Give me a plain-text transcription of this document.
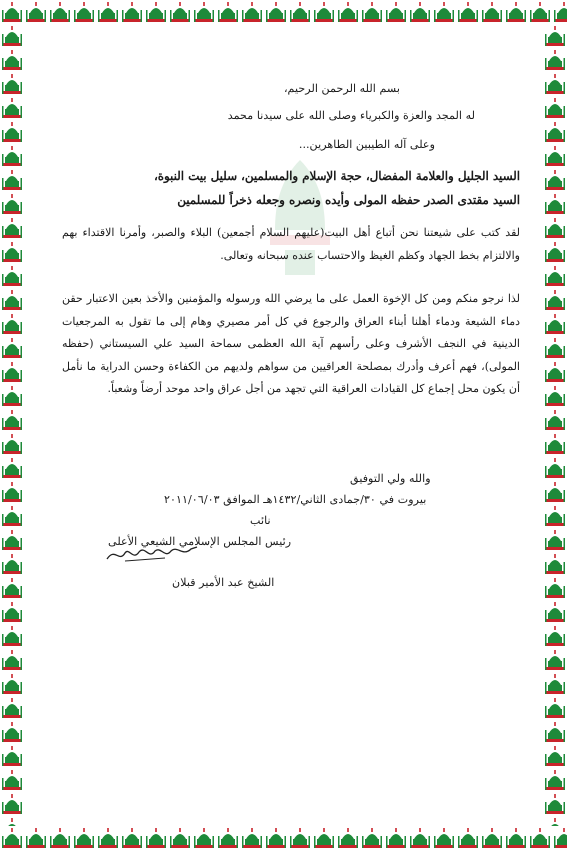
بسم الله الرحمن الرحيم،
له المجد والعزة والكبرياء وصلى الله على سيدنا محمد
وعلى آله الطيبين الطاهرين...
السيد الجليل والعلامة المفضال، حجة الإسلام والمسلمين، سليل بيت النبوة،
السيد مقتدى الصدر حفظه المولى وأيده ونصره وجعله ذخراً للمسلمين
لقد كتب على شيعتنا نحن أتباع أهل البيت(عليهم السلام أجمعين) البلاء والصبر، وأمرنا الاقتداء بهم والالتزام بخط الجهاد وكظم الغيظ والاحتساب عنده سبحانه وتعالى.
لذا نرجو منكم ومن كل الإخوة العمل على ما يرضي الله ورسوله والمؤمنين والأخذ بعين الاعتبار حقن دماء الشيعة ودماء أهلنا أبناء العراق والرجوع في كل أمر مصيري وهام إلى ما تقول به المرجعيات الدينية في النجف الأشرف وعلى رأسهم آية الله العظمى سماحة السيد علي السيستاني (حفظه المولى)، فهم أعرف وأدرك بمصلحة العراقيين من سواهم ولديهم من الكفاءة وحسن الدراية ما نأمل أن يكون محل إجماع كل القيادات العراقية التي تجهد من أجل عراق واحد موحد أرضاً وشعباً.
والله ولي التوفيق
بيروت في ٣٠/جمادى الثاني/١٤٣٢هـ الموافق ٢٠١١/٠٦/٠٣
نائب
رئيس المجلس الإسلامي الشيعي الأعلى
الشيخ عبد الأمير قبلان
